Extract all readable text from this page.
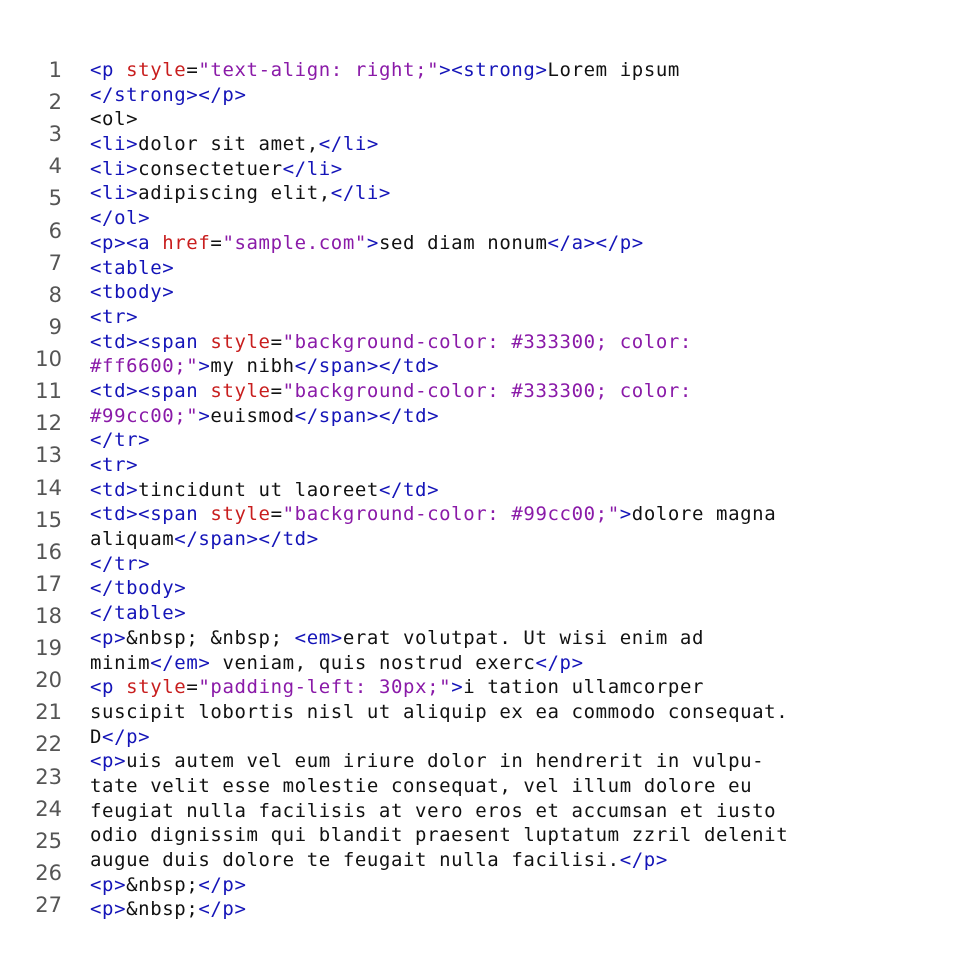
1
2
3
4
5
6
7
8
9
10
11
12
13
14
15
16
17
18
19
20
21
22
23
24
25
26
27
<p style="text-align: right;"><strong>Lorem ipsum
</strong></p>
<ol>
<li>dolor sit amet,</li>
<li>consectetuer</li>
<li>adipiscing elit,</li>
</ol>
<p><a href="sample.com">sed diam nonum</a></p>
<table>
<tbody>
<tr>
<td><span style="background-color: #333300; color:
#ff6600;">my nibh</span></td>
<td><span style="background-color: #333300; color:
#99cc00;">euismod</span></td>
</tr>
<tr>
<td>tincidunt ut laoreet</td>
<td><span style="background-color: #99cc00;">dolore magna
aliquam</span></td>
</tr>
</tbody>
</table>
<p>&nbsp; &nbsp; <em>erat volutpat. Ut wisi enim ad
minim</em> veniam, quis nostrud exerc</p>
<p style="padding-left: 30px;">i tation ullamcorper
suscipit lobortis nisl ut aliquip ex ea commodo consequat.
D</p>
<p>uis autem vel eum iriure dolor in hendrerit in vulpu-
tate velit esse molestie consequat, vel illum dolore eu
feugiat nulla facilisis at vero eros et accumsan et iusto
odio dignissim qui blandit praesent luptatum zzril delenit
augue duis dolore te feugait nulla facilisi.</p>
<p>&nbsp;</p>
<p>&nbsp;</p>
